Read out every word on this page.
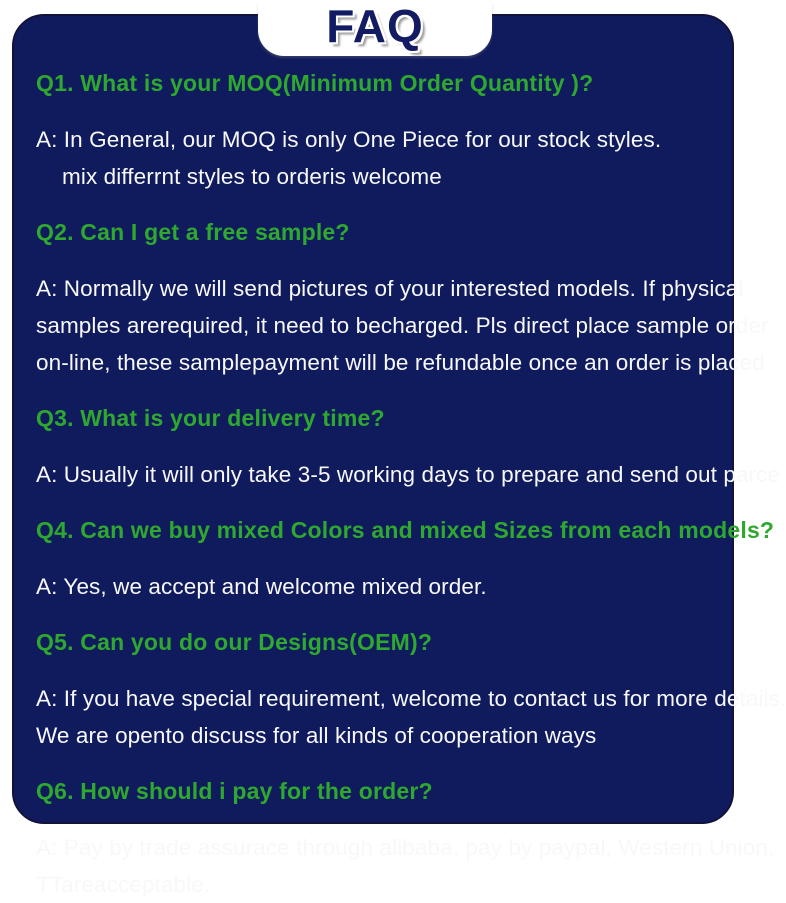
FAQ
Q1. What is your MOQ(Minimum Order Quantity )?
A: In General, our MOQ is only One Piece for our stock styles.
mix differrnt styles to orderis welcome
Q2. Can I get a free sample?
A: Normally we will send pictures of your interested models. If physical
samples arerequired, it need to becharged. Pls direct place sample order
on-line, these samplepayment will be refundable once an order is placed
Q3. What is your delivery time?
A: Usually it will only take 3-5 working days to prepare and send out parce
Q4. Can we buy mixed Colors and mixed Sizes from each models?
A: Yes, we accept and welcome mixed order.
Q5. Can you do our Designs(OEM)?
A: If you have special requirement, welcome to contact us for more details.
We are opento discuss for all kinds of cooperation ways
Q6. How should i pay for the order?
A: Pay by trade assurace through alibaba, pay by paypal, Western Union,
TTareacceptable.
